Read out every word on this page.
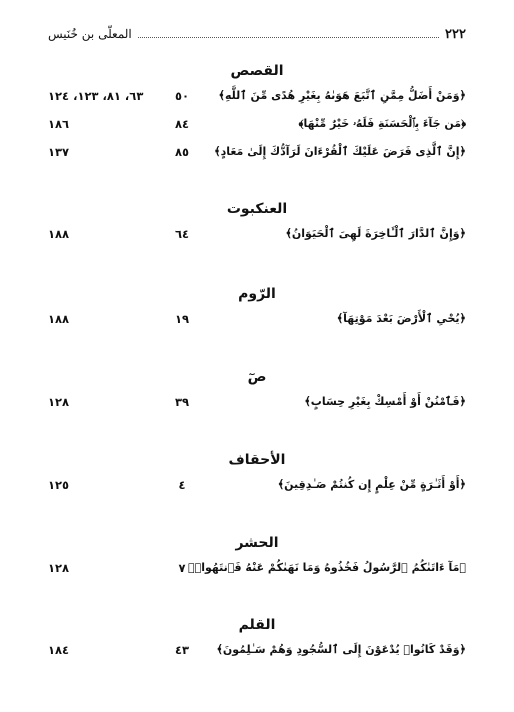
٢٢٢
المعلّى بن خُنَيس
القصص
﴿وَمَنْ أَضَلُّ مِمَّنِ ٱتَّبَعَ هَوَىٰهُ بِغَيْرِ هُدًى مِّنَ ٱللَّهِ﴾
٥٠
٦٣، ٨١، ١٢٣، ١٢٤
﴿مَن جَآءَ بِٱلْحَسَنَةِ فَلَهُۥ خَيْرٌ مِّنْهَا﴾
٨٤
١٨٦
﴿إِنَّ ٱلَّذِى فَرَضَ عَلَيْكَ ٱلْقُرْءَانَ لَرَآدُّكَ إِلَىٰ مَعَادٍ﴾
٨٥
١٣٧
العنكبوت
﴿وَإِنَّ ٱلدَّارَ ٱلْـَٔاخِرَةَ لَهِىَ ٱلْحَيَوَانُ﴾
٦٤
١٨٨
الرّوم
﴿يُحْىِ ٱلْأَرْضَ بَعْدَ مَوْتِهَآ﴾
١٩
١٨٨
صٓ
﴿فَٱمْنُنْ أَوْ أَمْسِكْ بِغَيْرِ حِسَابٍ﴾
٣٩
١٢٨
الأحقاف
﴿أَوْ أَثَـٰرَةٍ مِّنْ عِلْمٍ إِن كُنتُمْ صَـٰدِقِينَ﴾
٤
١٢٥
الحشر
﴿مَآ ءَاتَىٰكُمُ ٱلرَّسُولُ فَخُذُوهُ وَمَا نَهَىٰكُمْ عَنْهُ فَٱنتَهُوا۟﴾
٧
١٢٨
القلم
﴿وَقَدْ كَانُوا۟ يُدْعَوْنَ إِلَى ٱلسُّجُودِ وَهُمْ سَـٰلِمُونَ﴾
٤٣
١٨٤
